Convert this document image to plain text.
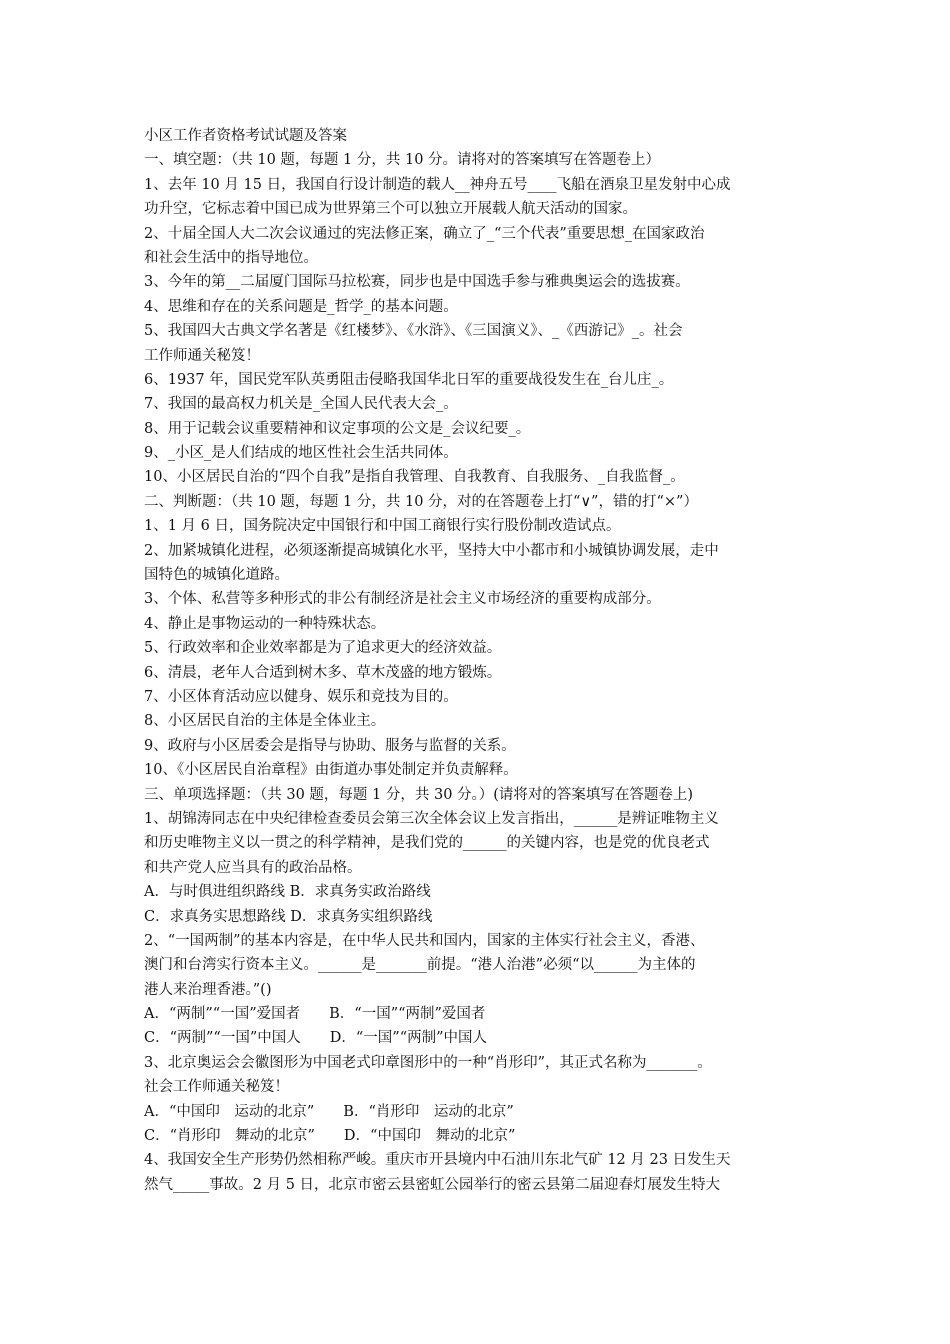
小区工作者资格考试试题及答案
一、填空题：（共 10 题，每题 1 分，共 10 分。请将对的答案填写在答题卷上）
1、去年 10 月 15 日，我国自行设计制造的载人__神舟五号____飞船在酒泉卫星发射中心成
功升空，它标志着中国已成为世界第三个可以独立开展载人航天活动的国家。
2、十届全国人大二次会议通过的宪法修正案，确立了_“三个代表”重要思想_在国家政治
和社会生活中的指导地位。
3、今年的第__二届厦门国际马拉松赛，同步也是中国选手参与雅典奥运会的选拔赛。
4、思维和存在的关系问题是_哲学_的基本问题。
5、我国四大古典文学名著是《红楼梦》、《水浒》、《三国演义》、_《西游记》_。社会
工作师通关秘笈！
6、1937 年，国民党军队英勇阻击侵略我国华北日军的重要战役发生在_台儿庄_。
7、我国的最高权力机关是_全国人民代表大会_。
8、用于记载会议重要精神和议定事项的公文是_会议纪要_。
9、_小区_是人们结成的地区性社会生活共同体。
10、小区居民自治的“四个自我”是指自我管理、自我教育、自我服务、_自我监督_。
二、判断题：（共 10 题，每题 1 分，共 10 分，对的在答题卷上打“∨”，错的打“×”）
1、1 月 6 日，国务院决定中国银行和中国工商银行实行股份制改造试点。
2、加紧城镇化进程，必须逐渐提高城镇化水平，坚持大中小都市和小城镇协调发展，走中
国特色的城镇化道路。
3、个体、私营等多种形式的非公有制经济是社会主义市场经济的重要构成部分。
4、静止是事物运动的一种特殊状态。
5、行政效率和企业效率都是为了追求更大的经济效益。
6、清晨，老年人合适到树木多、草木茂盛的地方锻炼。
7、小区体育活动应以健身、娱乐和竞技为目的。
8、小区居民自治的主体是全体业主。
9、政府与小区居委会是指导与协助、服务与监督的关系。
10、《小区居民自治章程》由街道办事处制定并负责解释。
三、单项选择题：（共 30 题，每题 1 分，共 30 分。）(请将对的答案填写在答题卷上)
1、胡锦涛同志在中央纪律检查委员会第三次全体会议上发言指出，______是辨证唯物主义
和历史唯物主义以一贯之的科学精神，是我们党的______的关键内容，也是党的优良老式
和共产党人应当具有的政治品格。
A．与时俱进组织路线 B．求真务实政治路线
C．求真务实思想路线 D．求真务实组织路线
2、“一国两制”的基本内容是，在中华人民共和国内，国家的主体实行社会主义，香港、
澳门和台湾实行资本主义。______是_______前提。“港人治港”必须“以______为主体的
港人来治理香港。”()
A．“两制”“一国”爱国者　　B．“一国”“两制”爱国者
C．“两制”“一国”中国人　　D．“一国”“两制”中国人
3、北京奥运会会徽图形为中国老式印章图形中的一种“肖形印”，其正式名称为_______。
社会工作师通关秘笈！
A．“中国印　运动的北京”　　B．“肖形印　运动的北京”
C．“肖形印　舞动的北京”　　D．“中国印　舞动的北京”
4、我国安全生产形势仍然相称严峻。重庆市开县境内中石油川东北气矿 12 月 23 日发生天
然气_____事故。2 月 5 日，北京市密云县密虹公园举行的密云县第二届迎春灯展发生特大
